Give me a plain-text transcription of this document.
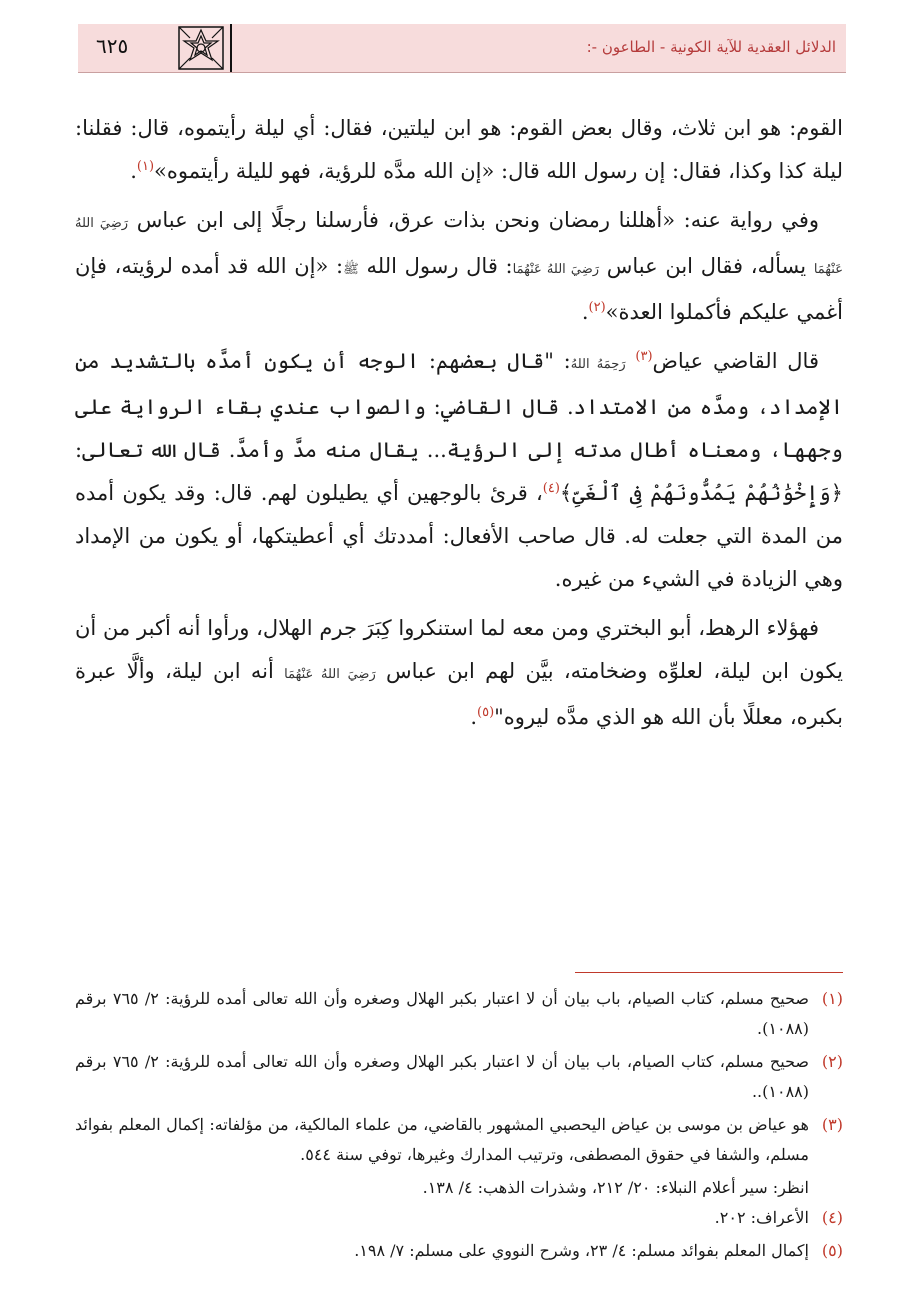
الدلائل العقدية للآية الكونية - الطاعون -:
٦٢٥

القوم: هو ابن ثلاث، وقال بعض القوم: هو ابن ليلتين، فقال: أي ليلة رأيتموه، قال: فقلنا: ليلة كذا وكذا، فقال: إن رسول الله قال: «إن الله مدَّه للرؤية، فهو لليلة رأيتموه»$^{(١)}$.

وفي رواية عنه: «أهللنا رمضان ونحن بذات عرق، فأرسلنا رجلًا إلى ابن عباس رَضِيَ اللهُ عَنْهُمَا يسأله، فقال ابن عباس رَضِيَ اللهُ عَنْهُمَا: قال رسول الله ﷺ: «إن الله قد أمده لرؤيته، فإن أغمي عليكم فأكملوا العدة»$^{(٢)}$.

قال القاضي عياض$^{(٣)}$ رَحِمَهُ اللهُ: "قال بعضهم: الوجه أن يكون أمدَّه بالتشديد من الإمداد، ومدَّه من الامتداد. قال القاضي: والصواب عندي بقاء الرواية على وجهها، ومعناه أطال مدته إلى الرؤية... يقال منه مدَّ وأمدَّ. قال الله تعالى: ﴿وَإِخْوَٰنُهُمْ يَمُدُّونَهُمْ فِى ٱلْغَىِّ﴾$^{(٤)}$، قرئ بالوجهين أي يطيلون لهم. قال: وقد يكون أمده من المدة التي جعلت له. قال صاحب الأفعال: أمددتك أي أعطيتكها، أو يكون من الإمداد وهي الزيادة في الشيء من غيره.

فهؤلاء الرهط، أبو البختري ومن معه لما استنكروا كِبَرَ جرم الهلال، ورأوا أنه أكبر من أن يكون ابن ليلة، لعلوِّه وضخامته، بيَّن لهم ابن عباس رَضِيَ اللهُ عَنْهُمَا أنه ابن ليلة، وألَّا عبرة بكبره، معللًا بأن الله هو الذي مدَّه ليروه"$^{(٥)}$.

(١)
صحيح مسلم، كتاب الصيام، باب بيان أن لا اعتبار بكبر الهلال وصغره وأن الله تعالى أمده للرؤية: ٢/ ٧٦٥ برقم (١٠٨٨).
(٢)
صحيح مسلم، كتاب الصيام، باب بيان أن لا اعتبار بكبر الهلال وصغره وأن الله تعالى أمده للرؤية: ٢/ ٧٦٥ برقم (١٠٨٨)..
(٣)
هو عياض بن موسى بن عياض اليحصبي المشهور بالقاضي، من علماء المالكية، من مؤلفاته: إكمال المعلم بفوائد مسلم، والشفا في حقوق المصطفى، وترتيب المدارك وغيرها، توفي سنة ٥٤٤.
انظر: سير أعلام النبلاء: ٢٠/ ٢١٢، وشذرات الذهب: ٤/ ١٣٨.
(٤)
الأعراف: ٢٠٢.
(٥)
إكمال المعلم بفوائد مسلم: ٤/ ٢٣، وشرح النووي على مسلم: ٧/ ١٩٨.
